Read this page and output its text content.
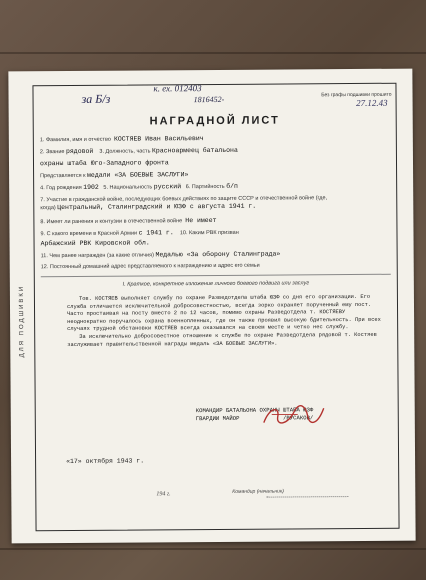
ДЛЯ ПОДШИВКИ
за Б/з
к. ех. 012403
1816452-	Без графы подшивки прошито
27.12.43
НАГРАДНОЙ ЛИСТ
1. Фамилия, имя и отчество КОСТЯЕВ Иван Васильевич
2. Звание рядовой 3. Должность, часть Красноармеец батальона
охраны штаба Юго-Западного фронта
Представляется к медали «ЗА БОЕВЫЕ ЗАСЛУГИ»
4. Год рождения 1902 5. Национальность русский 6. Партийность б/п
7. Участие в гражданской войне, последующих боевых действиях по защите СССР и отечественной войне (где, когда) Центральный, Сталинградский и ЮЗФ с августа 1941 г.
8. Имеет ли ранения и контузии в отечественной войне Не имеет
9. С какого времени в Красной Армии с 1941 г. 10. Каким РВК призван
Арбажский РВК Кировской обл.
11. Чем ранее награжден (за какие отличия) Медалью «За оборону Сталинграда»
12. Постоянный домашний адрес представляемого к награждению и адрес его семьи
I. Краткое, конкретное изложение личного боевого подвига или заслуг

Тов. КОСТЯЕВ выполняет службу по охране Разведотдела штаба ЮЗФ со дня его организации. Его служба отличается исключительной добросовестностью, всегда зорко охраняет порученный ему пост. Часто простаивая на посту вместо 2 по 12 часов, помимо охраны Разведотдела т. КОСТЯЕВУ неоднократно поручалось охрана военнопленных, где он также проявил высокую бдительность. При всех случаях трудной обстановки КОСТЯЕВ всегда оказывался на своем месте и четко нес службу.

За исключительно добросовестное отношение к службе по охране Разведотдела рядовой т. Костяев заслуживает правительственной награды медаль «ЗА БОЕВЫЕ ЗАСЛУГИ».

КОМАНДИР БАТАЛЬОНА ОХРАНЫ ШТАБА ЮЗФ
ГВАРДИИ МАЙОР	/РУСАКОВ/
«17» октября 1943 г.
194 г.	Командир (начальник)
